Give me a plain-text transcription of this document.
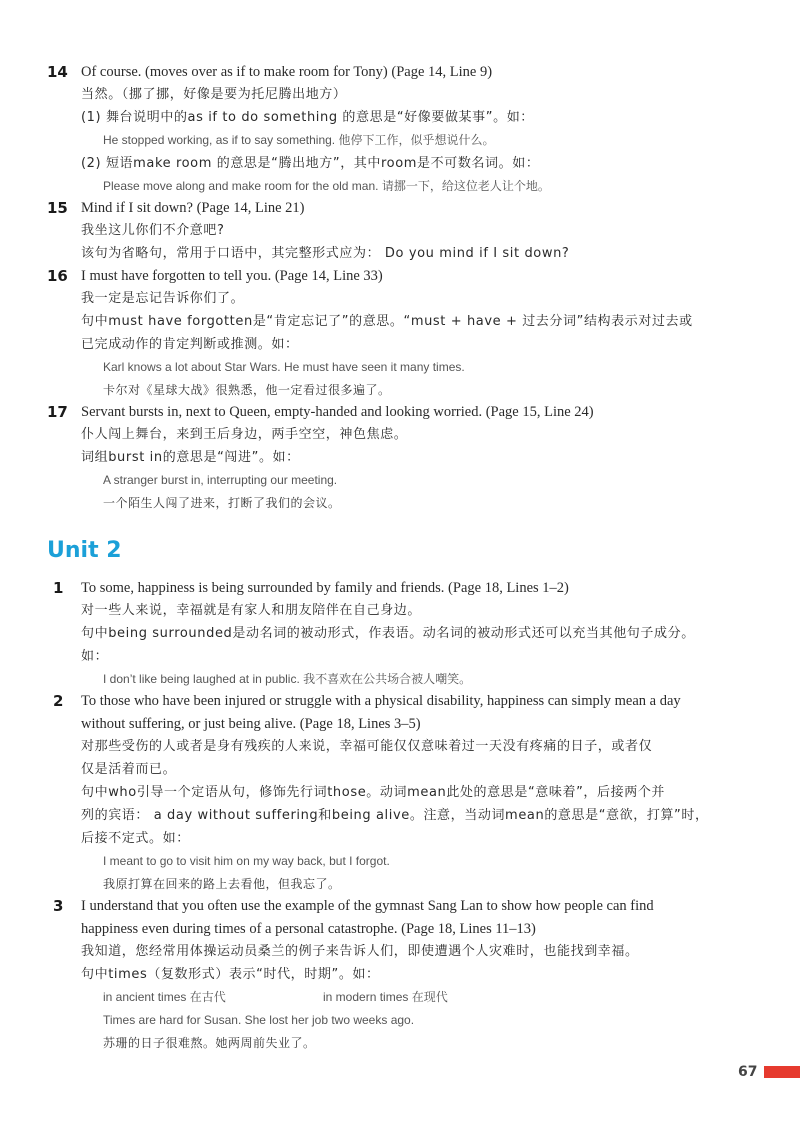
14 Of course. (moves over as if to make room for Tony) (Page 14, Line 9)
当然。（挪了挪，好像是要为托尼腾出地方）
(1) 舞台说明中的as if to do something 的意思是“好像要做某事”。如：
He stopped working, as if to say something. 他停下工作，似乎想说什么。
(2) 短语make room 的意思是“腾出地方”，其中room是不可数名词。如：
Please move along and make room for the old man. 请挪一下，给这位老人让个地。
15 Mind if I sit down? (Page 14, Line 21)
我坐这儿你们不介意吧?
该句为省略句，常用于口语中，其完整形式应为： Do you mind if I sit down?
16 I must have forgotten to tell you. (Page 14, Line 33)
我一定是忘记告诉你们了。
句中must have forgotten是“肯定忘记了”的意思。“must + have + 过去分词”结构表示对过去或
已完成动作的肯定判断或推测。如：
Karl knows a lot about Star Wars. He must have seen it many times.
卡尔对《星球大战》很熟悉，他一定看过很多遍了。
17 Servant bursts in, next to Queen, empty-handed and looking worried. (Page 15, Line 24)
仆人闯上舞台，来到王后身边，两手空空，神色焦虑。
词组burst in的意思是“闯进”。如：
A stranger burst in, interrupting our meeting.
一个陌生人闯了进来，打断了我们的会议。
1 To some, happiness is being surrounded by family and friends. (Page 18, Lines 1–2)
对一些人来说，幸福就是有家人和朋友陪伴在自己身边。
句中being surrounded是动名词的被动形式，作表语。动名词的被动形式还可以充当其他句子成分。
如：
I don’t like being laughed at in public. 我不喜欢在公共场合被人嘲笑。
2 To those who have been injured or struggle with a physical disability, happiness can simply mean a day
without suffering, or just being alive. (Page 18, Lines 3–5)
对那些受伤的人或者是身有残疾的人来说，幸福可能仅仅意味着过一天没有疼痛的日子，或者仅
仅是活着而已。
句中who引导一个定语从句，修饰先行词those。动词mean此处的意思是“意味着”，后接两个并
列的宾语： a day without suffering和being alive。注意，当动词mean的意思是“意欲，打算”时，
后接不定式。如：
I meant to go to visit him on my way back, but I forgot.
我原打算在回来的路上去看他，但我忘了。
3 I understand that you often use the example of the gymnast Sang Lan to show how people can find
happiness even during times of a personal catastrophe. (Page 18, Lines 11–13)
我知道，您经常用体操运动员桑兰的例子来告诉人们，即使遭遇个人灾难时，也能找到幸福。
句中times（复数形式）表示“时代，时期”。如：
in ancient times 在古代	in modern times 在现代
Times are hard for Susan. She lost her job two weeks ago.
苏珊的日子很难熬。她两周前失业了。
Unit 2
67
